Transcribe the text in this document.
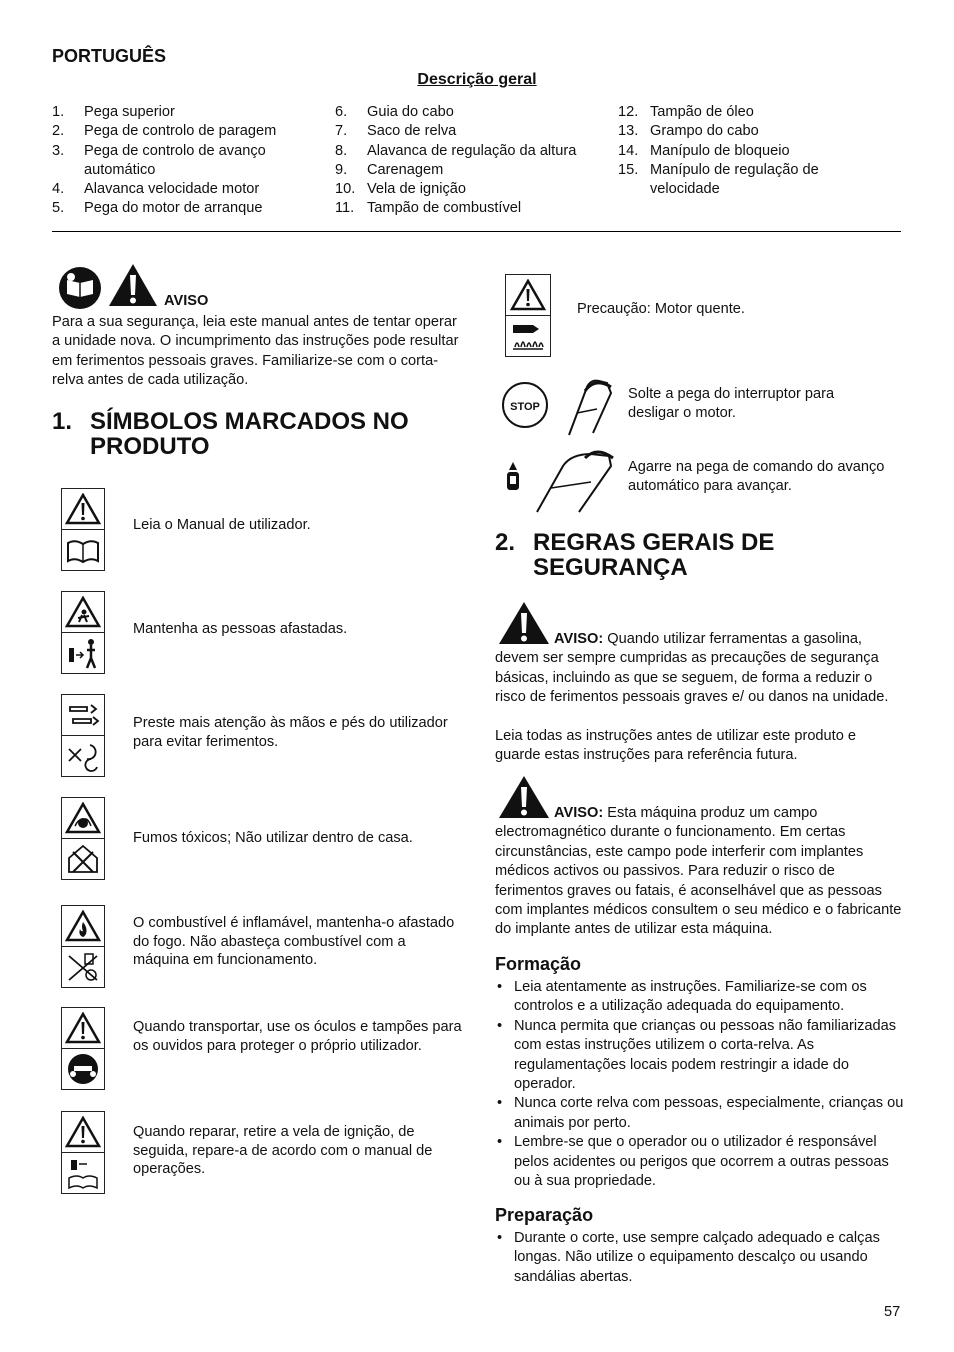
PORTUGUÊS
Descrição geral
1.	Pega superior
2.	Pega de controlo de paragem
3.	Pega de controlo de avanço automático
4.	Alavanca velocidade motor
5.	Pega do motor de arranque
6.	Guia do cabo
7.	Saco de relva
8.	Alavanca de regulação da altura
9.	Carenagem
10. Vela de ignição
11. Tampão de combustível
12. Tampão de óleo
13. Grampo do cabo
14. Manípulo de bloqueio
15. Manípulo de regulação de velocidade
AVISO
Para a sua segurança, leia este manual antes de tentar operar a unidade nova. O incumprimento das instruções pode resultar em ferimentos pessoais graves. Familiarize-se com o corta-relva antes de cada utilização.
1. SÍMBOLOS MARCADOS NO PRODUTO
Leia o Manual de utilizador.
Mantenha as pessoas afastadas.
Preste mais atenção às mãos e pés do utilizador para evitar ferimentos.
Fumos tóxicos; Não utilizar dentro de casa.
O combustível é inflamável, mantenha-o afastado do fogo. Não abasteça combustível com a máquina em funcionamento.
Quando transportar, use os óculos e tampões para os ouvidos para proteger o próprio utilizador.
Quando reparar, retire a vela de ignição, de seguida, repare-a de acordo com o manual de operações.
Precaução: Motor quente.
STOP
Solte a pega do interruptor para desligar o motor.
Agarre na pega de comando do avanço automático para avançar.
2. REGRAS GERAIS DE SEGURANÇA
AVISO: Quando utilizar ferramentas a gasolina, devem ser sempre cumpridas as precauções de segurança básicas, incluindo as que se seguem, de forma a reduzir o risco de ferimentos pessoais graves e/ ou danos na unidade.
Leia todas as instruções antes de utilizar este produto e guarde estas instruções para referência futura.
AVISO: Esta máquina produz um campo electromagnético durante o funcionamento. Em certas circunstâncias, este campo pode interferir com implantes médicos activos ou passivos. Para reduzir o risco de ferimentos graves ou fatais, é aconselhável que as pessoas com implantes médicos consultem o seu médico e o fabricante do implante antes de utilizar esta máquina.
Formação
• Leia atentamente as instruções. Familiarize-se com os controlos e a utilização adequada do equipamento.
• Nunca permita que crianças ou pessoas não familiarizadas com estas instruções utilizem o corta-relva. As regulamentações locais podem restringir a idade do operador.
• Nunca corte relva com pessoas, especialmente, crianças ou animais por perto.
• Lembre-se que o operador ou o utilizador é responsável pelos acidentes ou perigos que ocorrem a outras pessoas ou à sua propriedade.
Preparação
• Durante o corte, use sempre calçado adequado e calças longas. Não utilize o equipamento descalço ou usando sandálias abertas.
57
